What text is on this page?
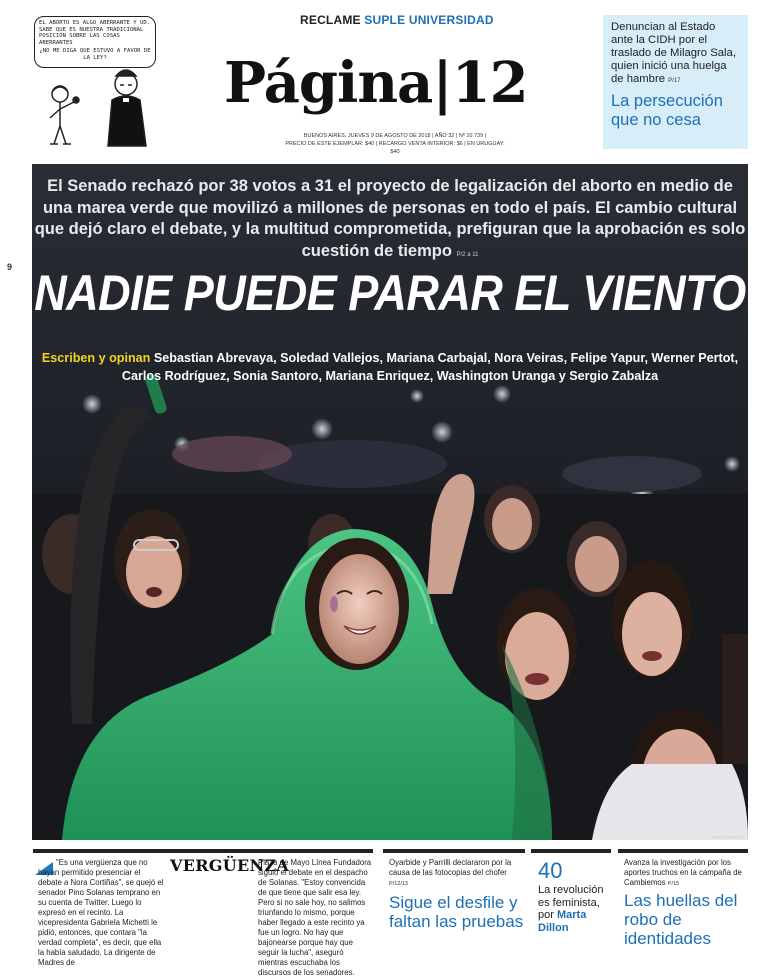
EL ABORTO ES ALGO ABERRANTE Y UD. SABE QUE ES NUESTRA TRADICIONAL POSICIÓN SOBRE LAS COSAS ABERRANTES
¿NO ME DIGA QUE ESTUVO A FAVOR DE LA LEY?
RECLAME SUPLE UNIVERSIDAD
Página|12
BUENOS AIRES, JUEVES 9 DE AGOSTO DE 2018 | AÑO 32 | Nº 10.739 |
PRECIO DE ESTE EJEMPLAR: $40 | RECARGO VENTA INTERIOR: $6 | EN URUGUAY: $40
Denuncian al Estado ante la CIDH por el traslado de Milagro Sala, quien inició una huelga de hambre P/17
La persecución que no cesa
9
El Senado rechazó por 38 votos a 31 el proyecto de legalización del aborto en medio de una marea verde que movilizó a millones de personas en todo el país. El cambio cultural que dejó claro el debate, y la multitud comprometida, prefiguran que la aprobación es solo cuestión de tiempo P/2 a 11
NADIE PUEDE PARAR EL VIENTO
Escriben y opinan Sebastian Abrevaya, Soledad Vallejos, Mariana Carbajal, Nora Veiras, Felipe Yapur, Werner Pertot, Carlos Rodríguez, Sonia Santoro, Mariana Enriquez, Washington Uranga y Sergio Zabalza
Joaquín Salguero
VERGÜENZA
"Es una vergüenza que no hayan permitido presenciar el debate a Nora Cortiñas", se quejó el senador Pino Solanas temprano en su cuenta de Twitter. Luego lo expresó en el recinto. La vicepresidenta Gabriela Michetti le pidió, entonces, que contara "la verdad completa", es decir, que ella la había saludado. La dirigente de Madres de
Plaza de Mayo Línea Fundadora siguió el debate en el despacho de Solanas. "Estoy convencida de que tiene que salir esa ley. Pero si no sale hoy, no salimos triunfando lo mismo, porque haber llegado a este recinto ya fue un logro. No hay que bajonearse porque hay que seguir la lucha", aseguró mientras escuchaba los discursos de los senadores.
Oyarbide y Parrilli declararon por la causa de las fotocopias del chofer P/12/13
Sigue el desfile y faltan las pruebas
40
La revolución es feminista,
por Marta Dillon
Avanza la investigación por los aportes truchos en la campaña de Cambiemos P/15
Las huellas del robo de identidades
